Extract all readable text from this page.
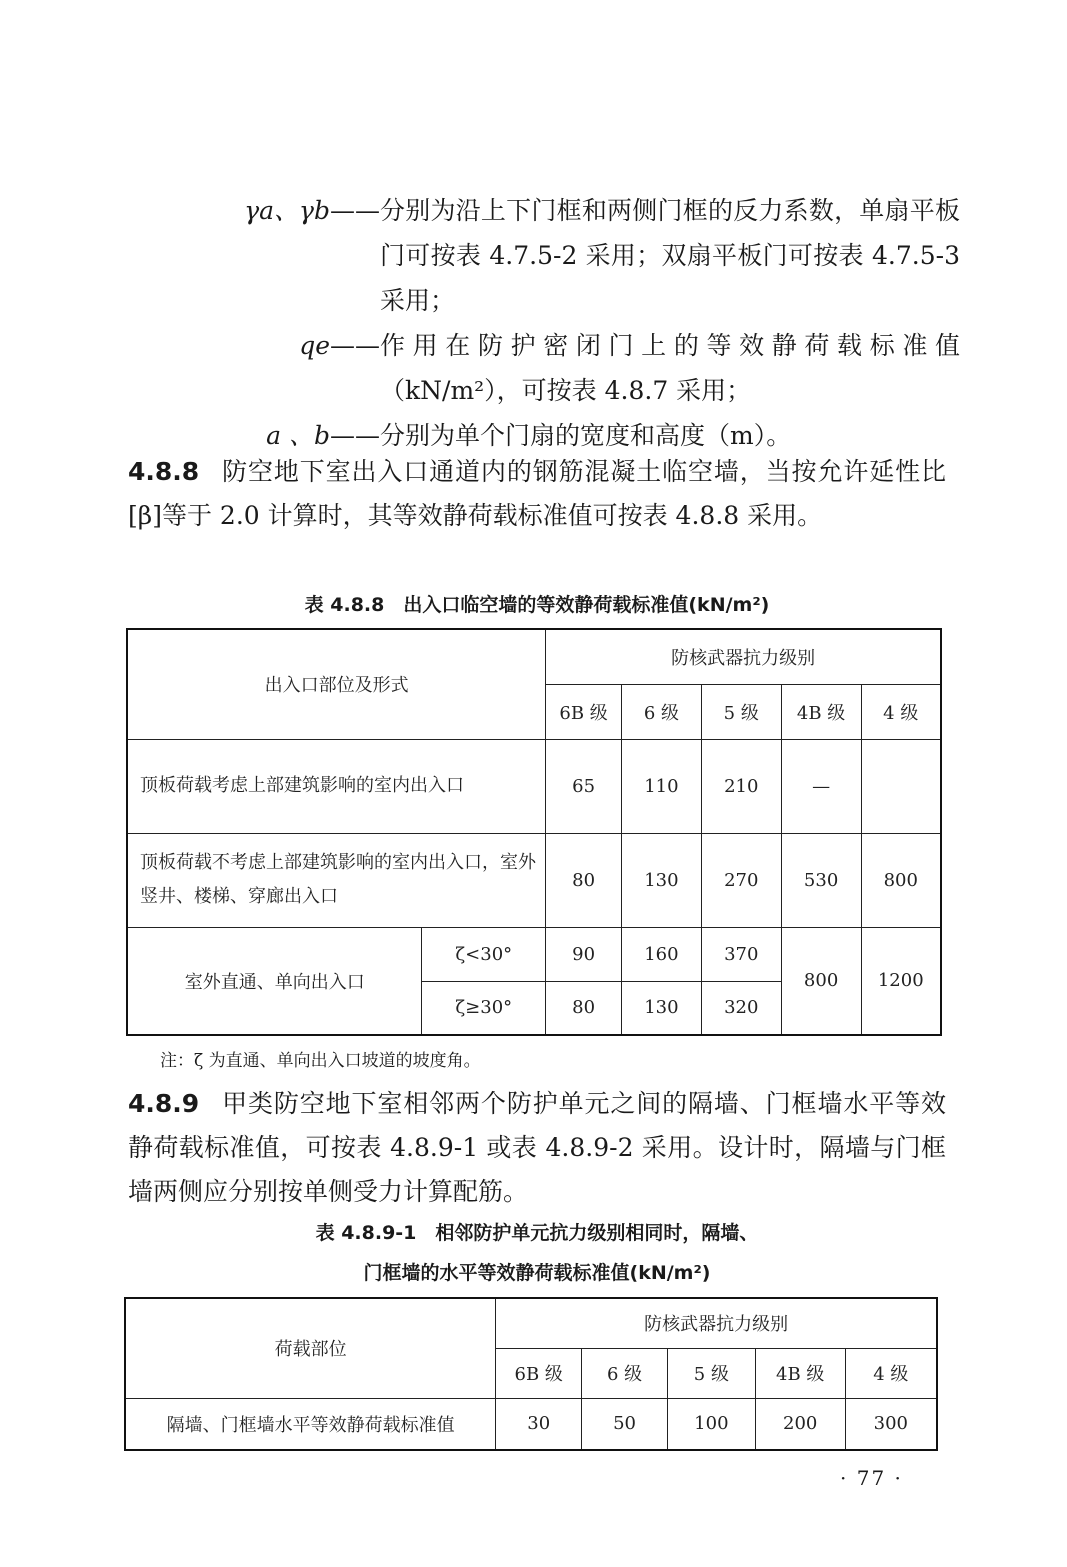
γa、γb —— 分别为沿上下门框和两侧门框的反力系数，单扇平板门可按表 4.7.5-2 采用；双扇平板门可按表 4.7.5-3 采用；
qe —— 作用在防护密闭门上的等效静荷载标准值（kN/m²），可按表 4.8.7 采用；
a 、b —— 分别为单个门扇的宽度和高度（m）。
4.8.8 防空地下室出入口通道内的钢筋混凝土临空墙，当按允许延性比[β]等于 2.0 计算时，其等效静荷载标准值可按表 4.8.8 采用。
表 4.8.8　出入口临空墙的等效静荷载标准值(kN/m²)
出入口部位及形式		防核武器抗力级别				
		6B 级	6 级	5 级	4B 级	4 级
顶板荷载考虑上部建筑影响的室内出入口		65	110	210	—	
顶板荷载不考虑上部建筑影响的室内出入口，室外竖井、楼梯、穿廊出入口		80	130	270	530	800
室外直通、单向出入口	ζ<30°	90	160	370	800	1200
	ζ≥30°	80	130	320		
注：ζ 为直通、单向出入口坡道的坡度角。
4.8.9 甲类防空地下室相邻两个防护单元之间的隔墙、门框墙水平等效静荷载标准值，可按表 4.8.9-1 或表 4.8.9-2 采用。设计时，隔墙与门框墙两侧应分别按单侧受力计算配筋。
表 4.8.9-1　相邻防护单元抗力级别相同时，隔墙、
门框墙的水平等效静荷载标准值(kN/m²)
荷载部位	防核武器抗力级别				
	6B 级	6 级	5 级	4B 级	4 级
隔墙、门框墙水平等效静荷载标准值	30	50	100	200	300
· 77 ·
